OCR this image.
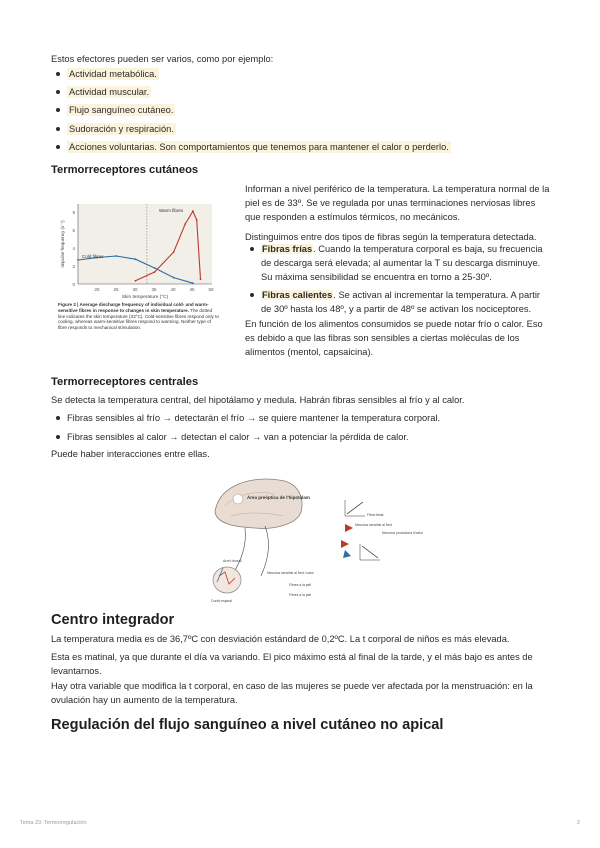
Estos efectores pueden ser varios, como por ejemplo:
Actividad metabólica.
Actividad muscular.
Flujo sanguíneo cutáneo.
Sudoración y respiración.
Acciones voluntarias. Son comportamientos que tenemos para mantener el calor o perderlo.
Termorreceptores cutáneos
8
6
4
2
0
20	25	30	35	40	45	50
Skin temperature (°C)
Impulse frequency (s⁻¹)
Warm fibres
Cold fibres
Figure 2 | Average discharge frequency of individual cold- and warm-sensitive fibres in response to changes in skin temperature. The dotted line indicates the skin temperature (33°C). Cold-sensitive fibres respond only to cooling, whereas warm-sensitive fibres respond to warming. Neither type of fibre responds to mechanical stimulation.

Informan a nivel periférico de la temperatura. La temperatura normal de la piel es de 33º. Se ve regulada por unas terminaciones nerviosas libres que responden a estímulos térmicos, no mecánicos.

Distinguimos entre dos tipos de fibras según la temperatura detectada.

Fibras frías. Cuando la temperatura corporal es baja, su frecuencia de descarga será elevada; al aumentar la T su descarga disminuye. Su máxima sensibilidad se encuentra en torno a 25-30º.
Fibras calientes. Se activan al incrementar la temperatura. A partir de 30º hasta los 48º, y a partir de 48º se activan los nociceptores.
En función de los alimentos consumidos se puede notar frío o calor. Eso es debido a que las fibras son sensibles a ciertas moléculas de los alimentos (mentol, capsaicina).
Termorreceptores centrales
Se detecta la temperatura central, del hipotálamo y medula. Habrán fibras sensibles al frío y al calor.
Fibras sensibles al frío → detectarán el frío → se quiere mantener la temperatura corporal.
Fibras sensibles al calor → detectan el calor → van a potenciar la pérdida de calor.
Puede haber interacciones entre ellas.
Àrea preòptica de l'hipotàlam
Arrel dorsal
Neurona sensible al fred i calor
Fibres a la pell
Cordó espinal
Fibres a la pell
Fibra freda
Neurona sensible al fred
Neurona productora d'calor
Centro integrador
La temperatura media es de 36,7ºC con desviación estándard de 0,2ºC. La t corporal de niños es más elevada.
Esta es matinal, ya que durante el día va variando. El pico máximo está al final de la tarde, y el más bajo es antes de levantarnos.
Hay otra variable que modifica la t corporal, en caso de las mujeres se puede ver afectada por la menstruación: en la ovulación hay un aumento de la temperatura.
Regulación del flujo sanguíneo a nivel cutáneo no apical
Tema 23: Termorregulación	2
